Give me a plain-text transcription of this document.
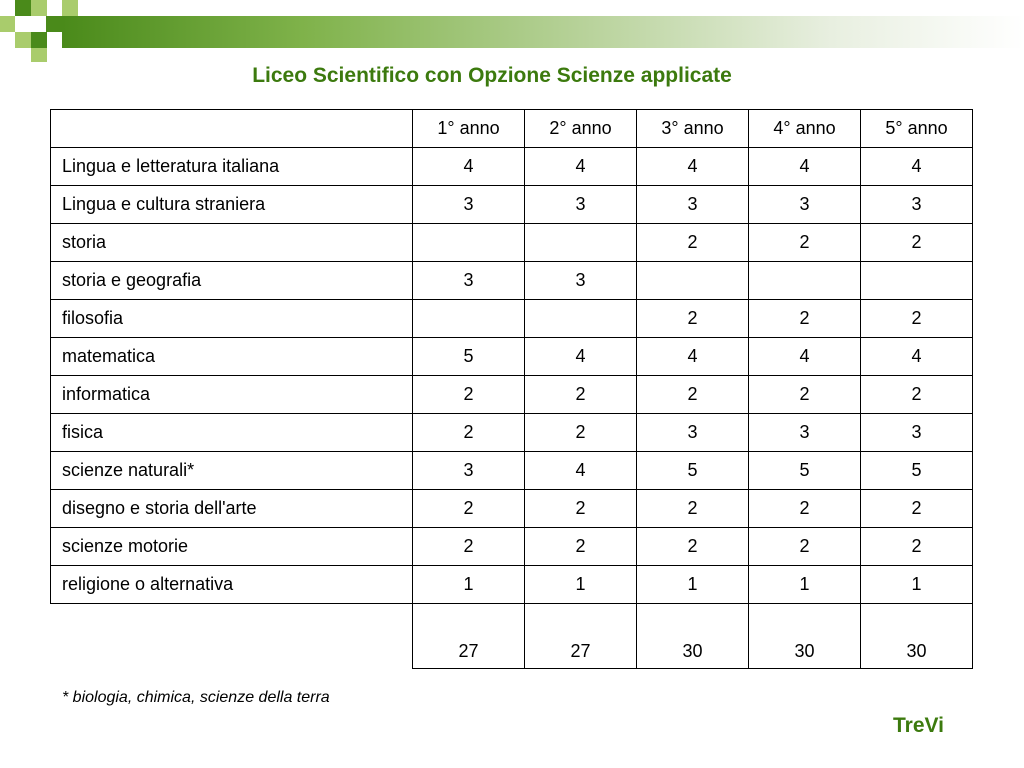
Liceo Scientifico con Opzione Scienze applicate
	1° anno	2° anno	3° anno	4° anno	5° anno
Lingua e letteratura italiana	4	4	4	4	4
Lingua e cultura straniera	3	3	3	3	3
storia			2	2	2
storia e geografia	3	3			
filosofia			2	2	2
matematica	5	4	4	4	4
informatica	2	2	2	2	2
fisica	2	2	3	3	3
scienze naturali*	3	4	5	5	5
disegno e storia dell'arte	2	2	2	2	2
scienze motorie	2	2	2	2	2
religione o alternativa	1	1	1	1	1
	27	27	30	30	30
* biologia, chimica, scienze della terra
TreVi
